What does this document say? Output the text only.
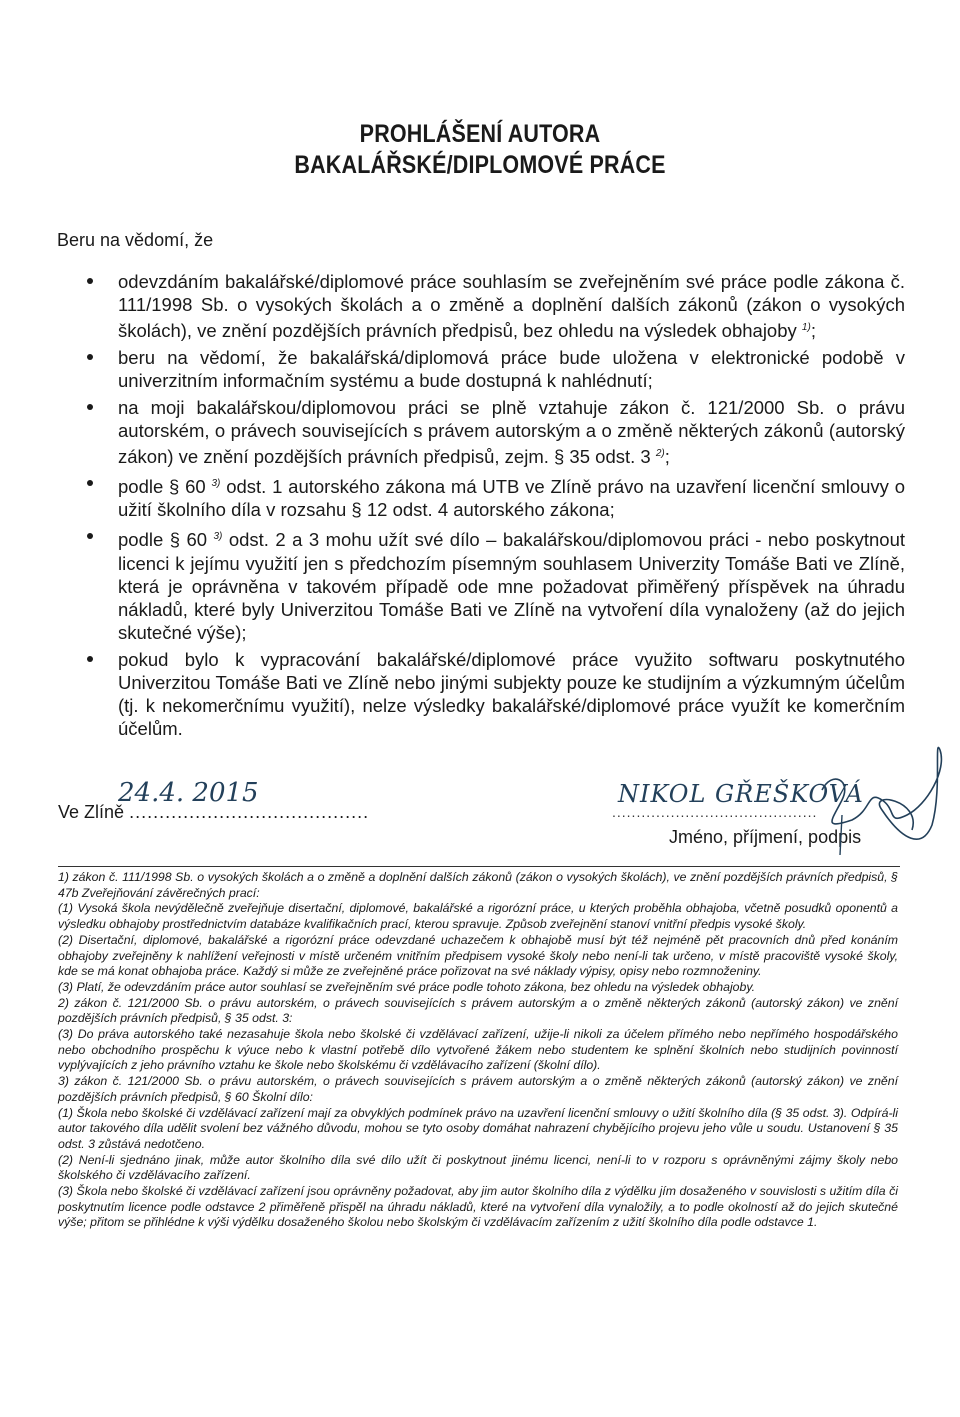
PROHLÁŠENÍ AUTORA
BAKALÁŘSKÉ/DIPLOMOVÉ PRÁCE
Beru na vědomí, že
odevzdáním bakalářské/diplomové práce souhlasím se zveřejněním své práce podle zákona č. 111/1998 Sb. o vysokých školách a o změně a doplnění dalších zákonů (zákon o vysokých školách), ve znění pozdějších právních předpisů, bez ohledu na výsledek obhajoby $^{1)}$;
beru na vědomí, že bakalářská/diplomová práce bude uložena v elektronické podobě v univerzitním informačním systému a bude dostupná k nahlédnutí;
na moji bakalářskou/diplomovou práci se plně vztahuje zákon č. 121/2000 Sb. o právu autorském, o právech souvisejících s právem autorským a o změně některých zákonů (autorský zákon) ve znění pozdějších právních předpisů, zejm. § 35 odst. 3 $^{2)}$;
podle § 60 $^{3)}$ odst. 1 autorského zákona má UTB ve Zlíně právo na uzavření licenční smlouvy o užití školního díla v rozsahu § 12 odst. 4 autorského zákona;
podle § 60 $^{3)}$ odst. 2 a 3 mohu užít své dílo – bakalářskou/diplomovou práci - nebo poskytnout licenci k jejímu využití jen s předchozím písemným souhlasem Univerzity Tomáše Bati ve Zlíně, která je oprávněna v takovém případě ode mne požadovat přiměřený příspěvek na úhradu nákladů, které byly Univerzitou Tomáše Bati ve Zlíně na vytvoření díla vynaloženy (až do jejich skutečné výše);
pokud bylo k vypracování bakalářské/diplomové práce využito softwaru poskytnutého Univerzitou Tomáše Bati ve Zlíně nebo jinými subjekty pouze ke studijním a výzkumným účelům (tj. k nekomerčnímu využití), nelze výsledky bakalářské/diplomové práce využít ke komerčním účelům.
Ve Zlíně ........................................
24.4. 2015	NIKOL GŘEŠKOVÁ
..........................................
Jméno, příjmení, podpis

1) zákon č. 111/1998 Sb. o vysokých školách a o změně a doplnění dalších zákonů (zákon o vysokých školách), ve znění pozdějších právních předpisů, § 47b Zveřejňování závěrečných prací:

(1) Vysoká škola nevýdělečně zveřejňuje disertační, diplomové, bakalářské a rigorózní práce, u kterých proběhla obhajoba, včetně posudků oponentů a výsledku obhajoby prostřednictvím databáze kvalifikačních prací, kterou spravuje. Způsob zveřejnění stanoví vnitřní předpis vysoké školy.

(2) Disertační, diplomové, bakalářské a rigorózní práce odevzdané uchazečem k obhajobě musí být též nejméně pět pracovních dnů před konáním obhajoby zveřejněny k nahlížení veřejnosti v místě určeném vnitřním předpisem vysoké školy nebo není-li tak určeno, v místě pracoviště vysoké školy, kde se má konat obhajoba práce. Každý si může ze zveřejněné práce pořizovat na své náklady výpisy, opisy nebo rozmnoženiny.

(3) Platí, že odevzdáním práce autor souhlasí se zveřejněním své práce podle tohoto zákona, bez ohledu na výsledek obhajoby.

2) zákon č. 121/2000 Sb. o právu autorském, o právech souvisejících s právem autorským a o změně některých zákonů (autorský zákon) ve znění pozdějších právních předpisů, § 35 odst. 3:

(3) Do práva autorského také nezasahuje škola nebo školské či vzdělávací zařízení, užije-li nikoli za účelem přímého nebo nepřímého hospodářského nebo obchodního prospěchu k výuce nebo k vlastní potřebě dílo vytvořené žákem nebo studentem ke splnění školních nebo studijních povinností vyplývajících z jeho právního vztahu ke škole nebo školskému či vzdělávacího zařízení (školní dílo).

3) zákon č. 121/2000 Sb. o právu autorském, o právech souvisejících s právem autorským a o změně některých zákonů (autorský zákon) ve znění pozdějších právních předpisů, § 60 Školní dílo:

(1) Škola nebo školské či vzdělávací zařízení mají za obvyklých podmínek právo na uzavření licenční smlouvy o užití školního díla (§ 35 odst. 3). Odpírá-li autor takového díla udělit svolení bez vážného důvodu, mohou se tyto osoby domáhat nahrazení chybějícího projevu jeho vůle u soudu. Ustanovení § 35 odst. 3 zůstává nedotčeno.

(2) Není-li sjednáno jinak, může autor školního díla své dílo užít či poskytnout jinému licenci, není-li to v rozporu s oprávněnými zájmy školy nebo školského či vzdělávacího zařízení.

(3) Škola nebo školské či vzdělávací zařízení jsou oprávněny požadovat, aby jim autor školního díla z výdělku jím dosaženého v souvislosti s užitím díla či poskytnutím licence podle odstavce 2 přiměřeně přispěl na úhradu nákladů, které na vytvoření díla vynaložily, a to podle okolností až do jejich skutečné výše; přitom se přihlédne k výši výdělku dosaženého školou nebo školským či vzdělávacím zařízením z užití školního díla podle odstavce 1.
